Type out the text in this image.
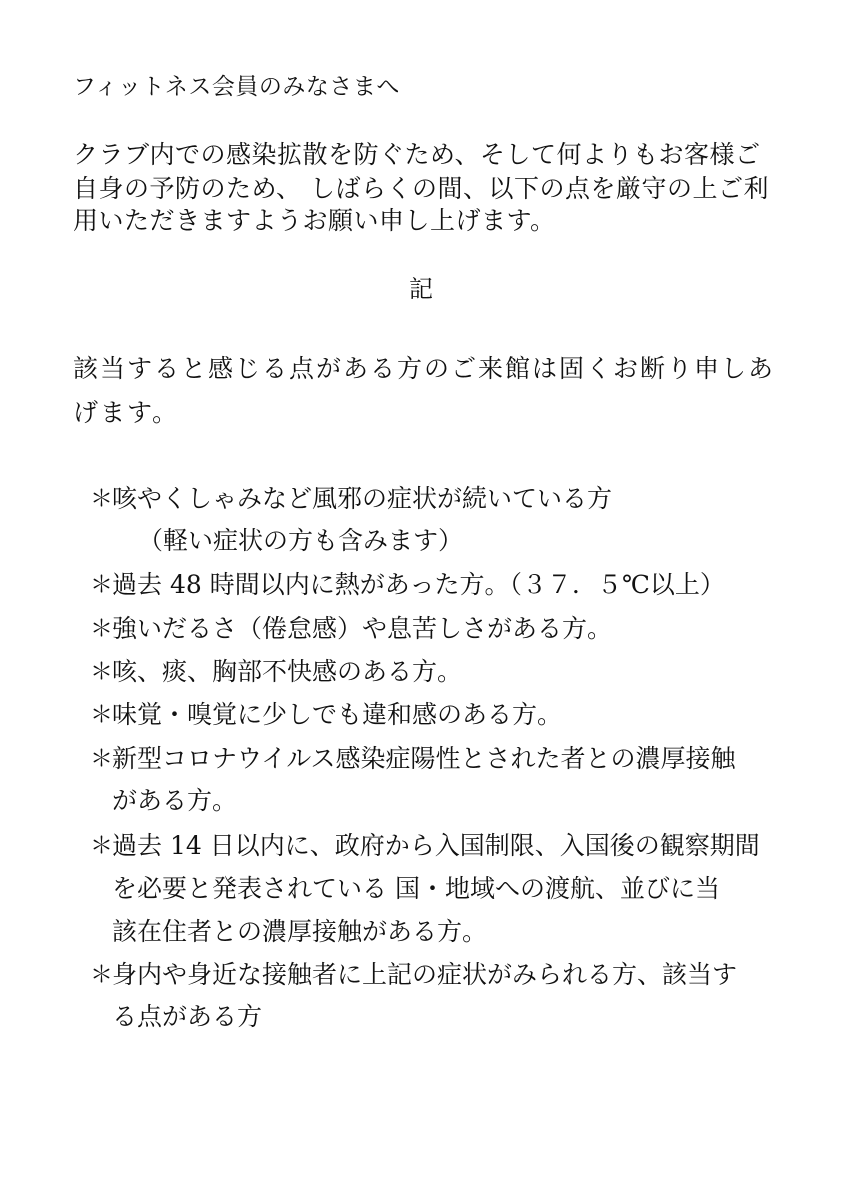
フィットネス会員のみなさまへ
クラブ内での感染拡散を防ぐため、そして何よりもお客様ご
自身の予防のため、 しばらくの間、以下の点を厳守の上ご利
用いただきますようお願い申し上げます。
記
該当すると感じる点がある方のご来館は固くお断り申しあ
げます。
＊ 咳やくしゃみなど風邪の症状が続いている方
（軽い症状の方も含みます）
＊ 過去 48 時間以内に熱があった方。（３７．５℃以上）
＊ 強いだるさ（倦怠感）や息苦しさがある方。
＊ 咳、痰、胸部不快感のある方。
＊ 味覚・嗅覚に少しでも違和感のある方。
＊ 新型コロナウイルス感染症陽性とされた者との濃厚接触
がある方。
＊ 過去 14 日以内に、政府から入国制限、入国後の観察期間
を必要と発表されている 国・地域への渡航、並びに当
該在住者との濃厚接触がある方。
＊ 身内や身近な接触者に上記の症状がみられる方、該当す
る点がある方
